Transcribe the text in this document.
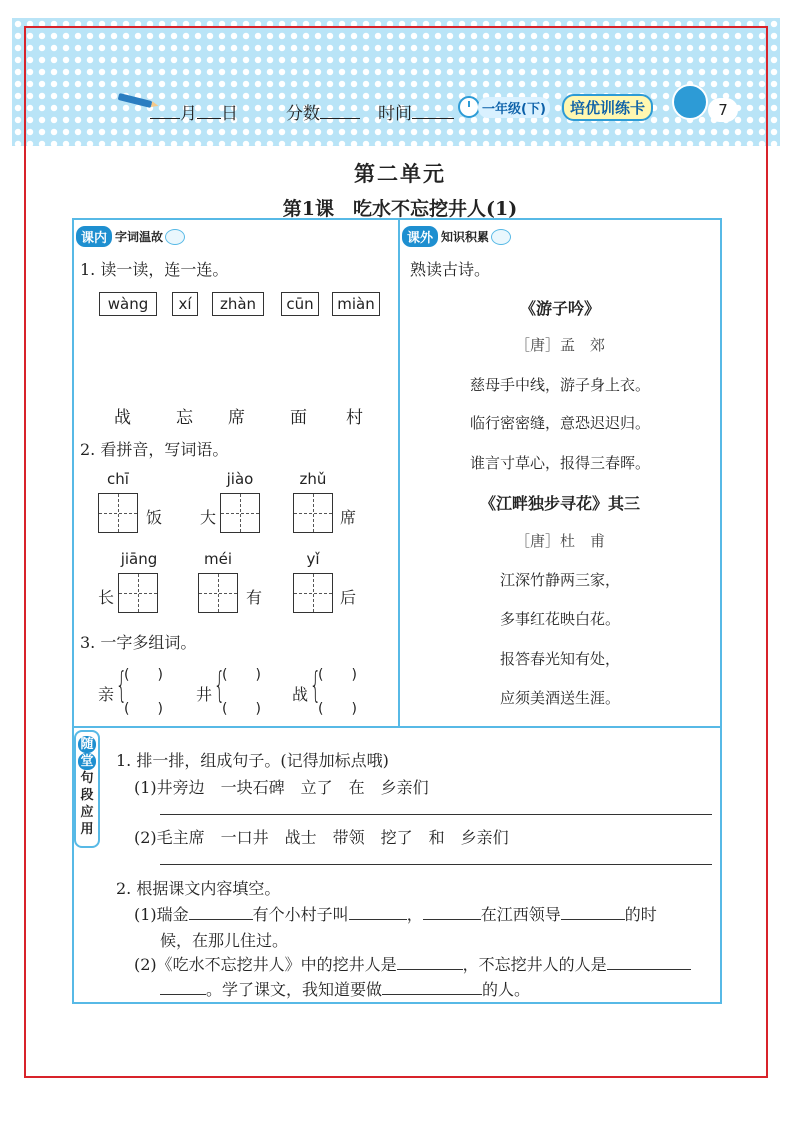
月 日	分数	时间	一年级(下)	培优训练卡	7
第二单元
第1课　吃水不忘挖井人(1)
课内 字词温故
1. 读一读，连一连。
wàng	xí	zhàn	cūn	miàn
战	忘 席	面 村
2. 看拼音，写词语。
chī
饭 大
jiào	zhǔ
席
长
jiāng	méi
有
yǐ
后
3. 一字多组词。
亲 {
(　　)
(　　)
井 {
(　　)
(　　)
战 {
(　　)
(　　)
课外 知识积累
熟读古诗。
《游子吟》
［唐］孟　郊
慈母手中线，游子身上衣。
临行密密缝，意恐迟迟归。
谁言寸草心，报得三春晖。
《江畔独步寻花》其三
［唐］杜　甫
江深竹静两三家，
多事红花映白花。
报答春光知有处，
应须美酒送生涯。
随
堂
句
段
应
用
1. 排一排，组成句子。(记得加标点哦)
(1)井旁边　一块石碑　立了　在　乡亲们
(2)毛主席　一口井　战士　带领　挖了　和　乡亲们
2. 根据课文内容填空。
(1)瑞金	有个小村子叫	，	在江西领导	的时
候，在那儿住过。
(2)《吃水不忘挖井人》中的挖井人是	，不忘挖井人的人是
。学了课文，我知道要做	的人。
